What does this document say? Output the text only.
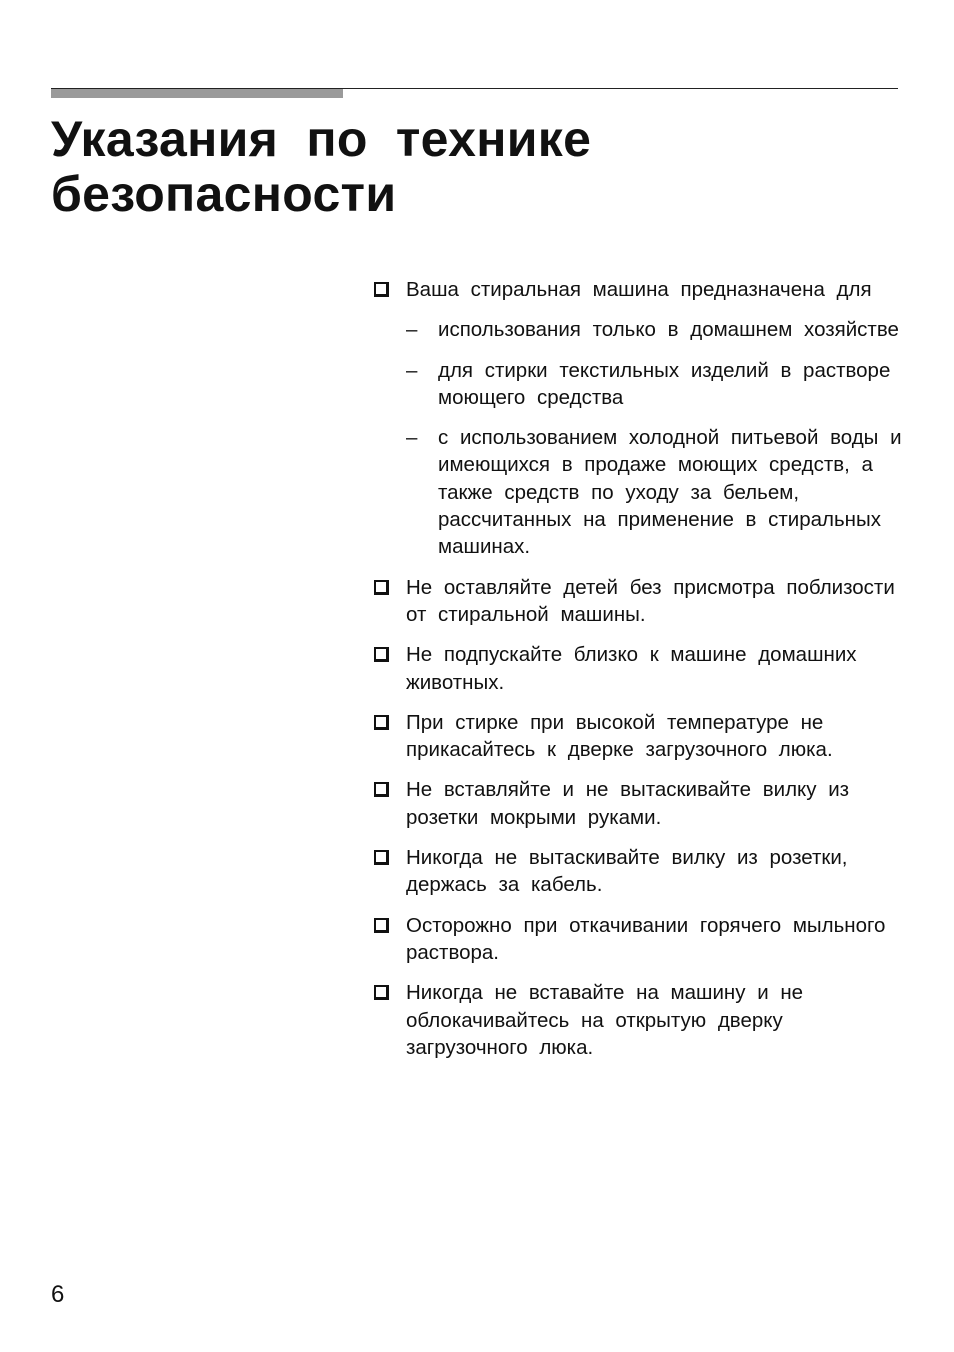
Указания по технике безопасности
Ваша стиральная машина предназначена для
–	использования только в домашнем хозяйстве
–	для стирки текстильных изделий в растворе моющего средства
–	с использованием холодной питьевой воды и имеющихся в продаже моющих средств, а также средств по уходу за бельем, рассчитанных на применение в стиральных машинах.
Не оставляйте детей без присмотра поблизости от стиральной машины.
Не подпускайте близко к машине домашних животных.
При стирке при высокой температуре не прикасайтесь к дверке загрузочного люка.
Не вставляйте и не вытаскивайте вилку из розетки мокрыми руками.
Никогда не вытаскивайте вилку из розетки, держась за кабель.
Осторожно при откачивании горячего мыльного раствора.
Никогда не вставайте на машину и не облокачивайтесь на открытую дверку загрузочного люка.
6
